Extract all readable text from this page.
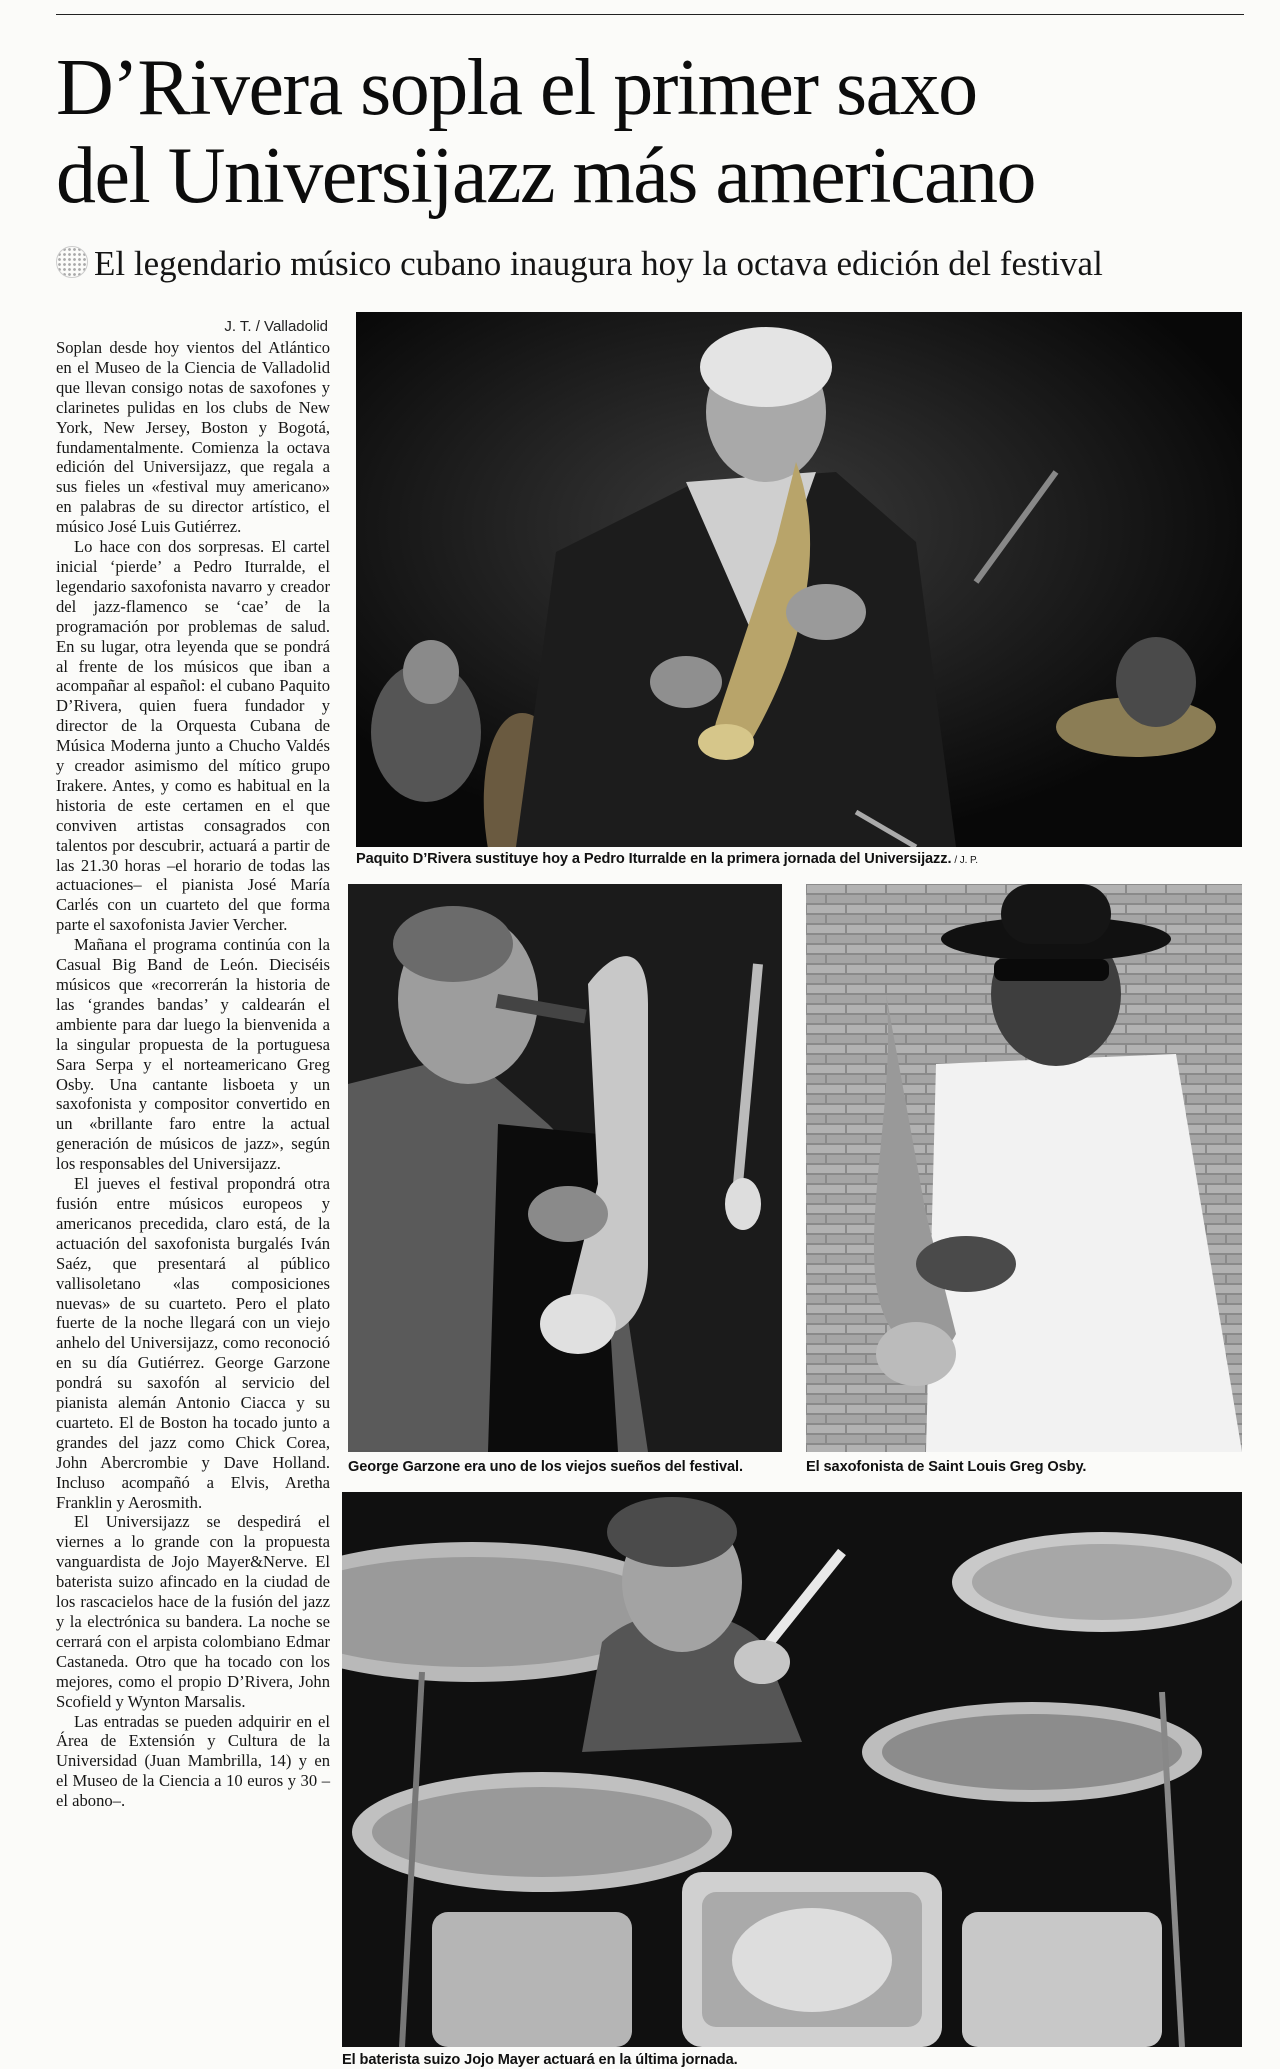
D’Rivera sopla el primer saxo
del Universijazz más americano
El legendario músico cubano inaugura hoy la octava edición del festival
J. T. / Valladolid

Soplan desde hoy vientos del Atlántico en el Museo de la Ciencia de Valladolid que llevan consigo notas de saxofones y clarinetes pulidas en los clubs de New York, New Jersey, Boston y Bogotá, fundamentalmente. Comienza la octava edición del Universijazz, que regala a sus fieles un «festival muy americano» en palabras de su director artístico, el músico José Luis Gutiérrez.

Lo hace con dos sorpresas. El cartel inicial ‘pierde’ a Pedro Iturralde, el legendario saxofonista navarro y creador del jazz-flamenco se ‘cae’ de la programación por problemas de salud. En su lugar, otra leyenda que se pondrá al frente de los músicos que iban a acompañar al español: el cubano Paquito D’Rivera, quien fuera fundador y director de la Orquesta Cubana de Música Moderna junto a Chucho Valdés y creador asimismo del mítico grupo Irakere. Antes, y como es habitual en la historia de este certamen en el que conviven artistas consagrados con talentos por descubrir, actuará a partir de las 21.30 horas –el horario de todas las actuaciones– el pianista José María Carlés con un cuarteto del que forma parte el saxofonista Javier Vercher.

Mañana el programa continúa con la Casual Big Band de León. Dieciséis músicos que «recorrerán la historia de las ‘grandes bandas’ y caldearán el ambiente para dar luego la bienvenida a la singular propuesta de la portuguesa Sara Serpa y el norteamericano Greg Osby. Una cantante lisboeta y un saxofonista y compositor convertido en un «brillante faro entre la actual generación de músicos de jazz», según los responsables del Universijazz.

El jueves el festival propondrá otra fusión entre músicos europeos y americanos precedida, claro está, de la actuación del saxofonista burgalés Iván Saéz, que presentará al público vallisoletano «las composiciones nuevas» de su cuarteto. Pero el plato fuerte de la noche llegará con un viejo anhelo del Universijazz, como reconoció en su día Gutiérrez. George Garzone pondrá su saxofón al servicio del pianista alemán Antonio Ciacca y su cuarteto. El de Boston ha tocado junto a grandes del jazz como Chick Corea, John Abercrombie y Dave Holland. Incluso acompañó a Elvis, Aretha Franklin y Aerosmith.

El Universijazz se despedirá el viernes a lo grande con la propuesta vanguardista de Jojo Mayer&Nerve. El baterista suizo afincado en la ciudad de los rascacielos hace de la fusión del jazz y la electrónica su bandera. La noche se cerrará con el arpista colombiano Edmar Castaneda. Otro que ha tocado con los mejores, como el propio D’Rivera, John Scofield y Wynton Marsalis.

Las entradas se pueden adquirir en el Área de Extensión y Cultura de la Universidad (Juan Mambrilla, 14) y en el Museo de la Ciencia a 10 euros y 30 –el abono–.

Paquito D’Rivera sustituye hoy a Pedro Iturralde en la primera jornada del Universijazz. / J. P.
George Garzone era uno de los viejos sueños del festival.	El saxofonista de Saint Louis Greg Osby.
El baterista suizo Jojo Mayer actuará en la última jornada.
